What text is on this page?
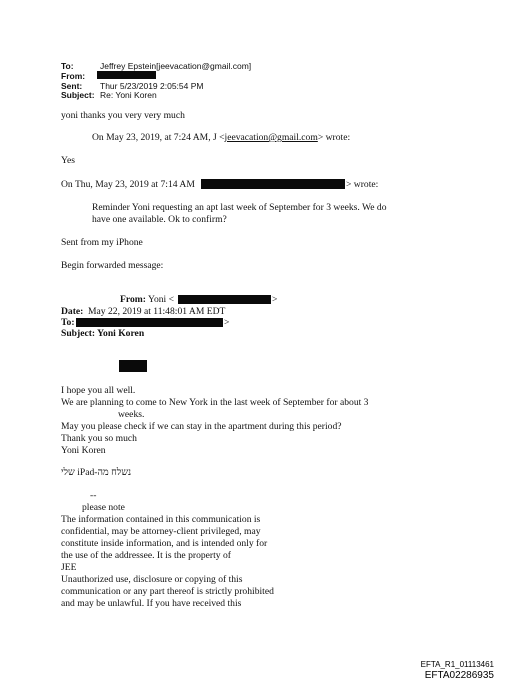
To:	Jeffrey Epstein[jeevacation@gmail.com]
From:
Sent: Thur 5/23/2019 2:05:54 PM
Subject: Re: Yoni Koren
yoni thanks you very very much
On May 23, 2019, at 7:24 AM, J <jeevacation@gmail.com> wrote:
Yes
On Thu, May 23, 2019 at 7:14 AM	> wrote:
Reminder Yoni requesting an apt last week of September for 3 weeks. We do
have one available. Ok to confirm?
Sent from my iPhone
Begin forwarded message:
From: Yoni <	>
Date: May 22, 2019 at 11:48:01 AM EDT
To:	>
Subject: Yoni Koren
I hope you all well.
We are planning to come to New York in the last week of September for about 3
weeks.
May you please check if we can stay in the apartment during this period?
Thank you so much
Yoni Koren
נשלח מה-iPad שלי
--
please note
The information contained in this communication is
confidential, may be attorney-client privileged, may
constitute inside information, and is intended only for
the use of the addressee. It is the property of
JEE
Unauthorized use, disclosure or copying of this
communication or any part thereof is strictly prohibited
and may be unlawful. If you have received this
EFTA_R1_01113461
EFTA02286935
